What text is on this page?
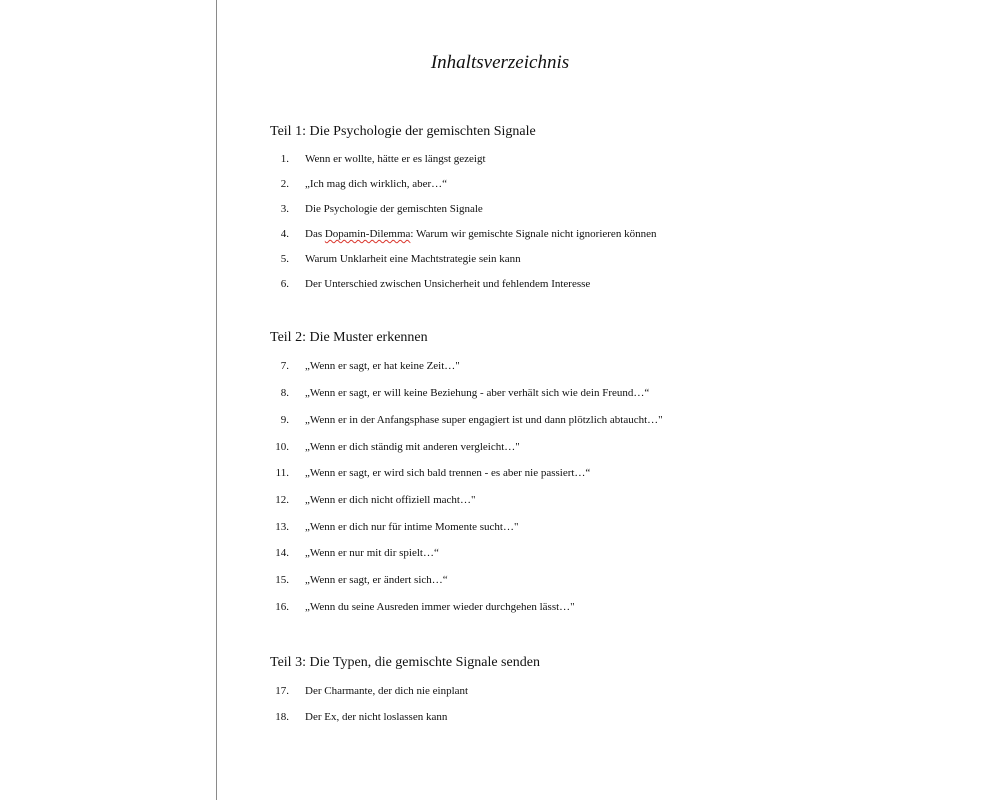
Inhaltsverzeichnis
Teil 1: Die Psychologie der gemischten Signale
1. Wenn er wollte, hätte er es längst gezeigt
2. „Ich mag dich wirklich, aber…“
3. Die Psychologie der gemischten Signale
4. Das Dopamin-Dilemma: Warum wir gemischte Signale nicht ignorieren können
5. Warum Unklarheit eine Machtstrategie sein kann
6. Der Unterschied zwischen Unsicherheit und fehlendem Interesse
Teil 2: Die Muster erkennen
7. „Wenn er sagt, er hat keine Zeit…"
8. „Wenn er sagt, er will keine Beziehung - aber verhält sich wie dein Freund…“
9. „Wenn er in der Anfangsphase super engagiert ist und dann plötzlich abtaucht…"
10. „Wenn er dich ständig mit anderen vergleicht…"
11. „Wenn er sagt, er wird sich bald trennen - es aber nie passiert…“
12. „Wenn er dich nicht offiziell macht…"
13. „Wenn er dich nur für intime Momente sucht…"
14. „Wenn er nur mit dir spielt…“
15. „Wenn er sagt, er ändert sich…“
16. „Wenn du seine Ausreden immer wieder durchgehen lässt…"
Teil 3: Die Typen, die gemischte Signale senden
17. Der Charmante, der dich nie einplant
18. Der Ex, der nicht loslassen kann
